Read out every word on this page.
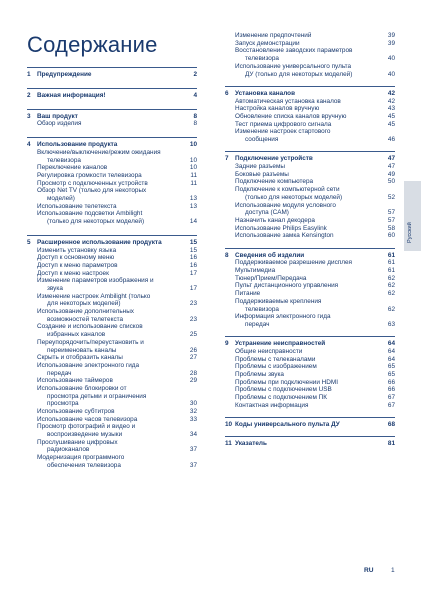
Содержание
1 Предупреждение	2
2 Важная информация!	4
3 Ваш продукт	8
Обзор изделия	8
4 Использование продукта	10
Включение/выключение/режим ожидания
телевизора	10
Переключение каналов	10
Регулировка громкости телевизора	11
Просмотр с подключенных устройств	11
Обзор Net TV (только для некоторых
моделей)	13
Использование телетекста	13
Использование подсветки Ambilight
(только для некоторых моделей)	14
5 Расширенное использование продукта	15
Изменить установку языка	15
Доступ к основному меню	16
Доступ к меню параметров	16
Доступ к меню настроек	17
Изменение параметров изображения и
звука	17
Изменение настроек Ambilight (только
для некоторых моделей)	23
Использование дополнительных
возможностей телетекста	23
Создание и использование списков
избранных каналов	25
Переупорядочить/переустановить и
переименовать каналы	26
Скрыть и отобразить каналы	27
Использование электронного гида
передач	28
Использование таймеров	29
Использование блокировки от
просмотра детьми и ограничения
просмотра	30
Использование субтитров	32
Использование часов телевизора	33
Просмотр фотографий и видео и
воспроизведение музыки	34
Прослушивание цифровых
радиоканалов	37
Модернизация программного
обеспечения телевизора	37
Изменение предпочтений	39
Запуск демонстрации	39
Восстановление заводских параметров
телевизора	40
Использование универсального пульта
ДУ (только для некоторых моделей)	40
6 Установка каналов	42
Автоматическая установка каналов	42
Настройка каналов вручную	43
Обновление списка каналов вручную	45
Тест приема цифрового сигнала	45
Изменение настроек стартового
сообщения	46
7 Подключение устройств	47
Задние разъемы	47
Боковые разъемы	49
Подключение компьютера	50
Подключение к компьютерной сети
(только для некоторых моделей)	52
Использование модуля условного
доступа (CAM)	57
Назначить канал декодера	57
Использование Philips Easylink	58
Использование замка Kensington	60
8 Сведения об изделии	61
Поддерживаемое разрешение дисплея	61
Мультимедиа	61
Тюнер/Прием/Передача	62
Пульт дистанционного управления	62
Питание	62
Поддерживаемые крепления
телевизора	62
Информация электронного гида
передач	63
9 Устранение неисправностей	64
Общие неисправности	64
Проблемы с телеканалами	64
Проблемы с изображением	65
Проблемы звука	65
Проблемы при подключении HDMI	66
Проблемы с подключением USB	66
Проблемы с подключением ПК	67
Контактная информация	67
10 Коды универсального пульта ДУ	68
11 Указатель	81
Русский
RU	1
